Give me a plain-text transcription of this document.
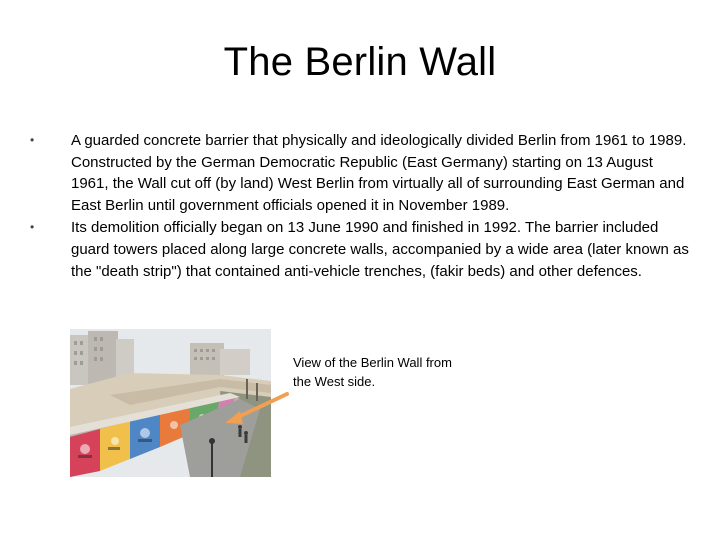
The Berlin Wall
•	A guarded concrete barrier that physically and ideologically divided Berlin from 1961 to 1989. Constructed by the German Democratic Republic (East Germany) starting on 13 August 1961, the Wall cut off (by land) West Berlin from virtually all of surrounding East German and East Berlin until government officials opened it in November 1989.
•	Its demolition officially began on 13 June 1990 and finished in 1992. The barrier included guard towers placed along large concrete walls, accompanied by a wide area (later known as the "death strip") that contained anti-vehicle trenches, (fakir beds) and other defences.
View of the Berlin Wall from the West side.
